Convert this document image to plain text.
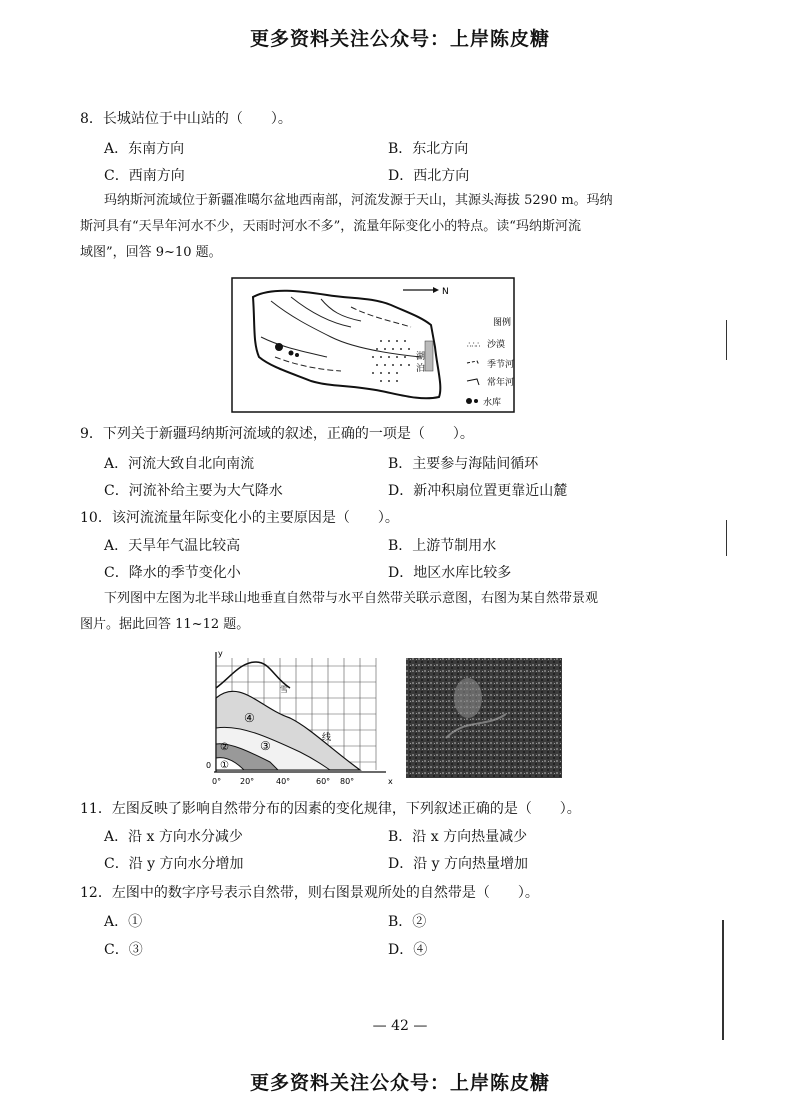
更多资料关注公众号：上岸陈皮糖
8．长城站位于中山站的（　　）。
A．东南方向	B．东北方向
C．西南方向	D．西北方向
玛纳斯河流域位于新疆准噶尔盆地西南部，河流发源于天山，其源头海拔 5290 m。玛纳
斯河具有“天旱年河水不少，天雨时河水不多”，流量年际变化小的特点。读“玛纳斯河流
域图”，回答 9~10 题。
湖
泊
N
图例
∴∴∴ 沙漠
季节河
常年河
水库
9．下列关于新疆玛纳斯河流域的叙述，正确的一项是（　　）。
A．河流大致自北向南流	B．主要参与海陆间循环
C．河流补给主要为大气降水	D．新冲积扇位置更靠近山麓
10．该河流流量年际变化小的主要原因是（　　）。
A．天旱年气温比较高	B．上游节制用水
C．降水的季节变化小	D．地区水库比较多
下列图中左图为北半球山地垂直自然带与水平自然带关联示意图，右图为某自然带景观
图片。据此回答 11~12 题。
y
x
0
0° 20°	40°	60° 80°
①
②	③
④
雪
线
11．左图反映了影响自然带分布的因素的变化规律，下列叙述正确的是（　　）。
A．沿 x 方向水分减少	B．沿 x 方向热量减少
C．沿 y 方向水分增加	D．沿 y 方向热量增加
12．左图中的数字序号表示自然带，则右图景观所处的自然带是（　　）。
A．①	B．②
C．③	D．④
— 42 —
更多资料关注公众号：上岸陈皮糖
